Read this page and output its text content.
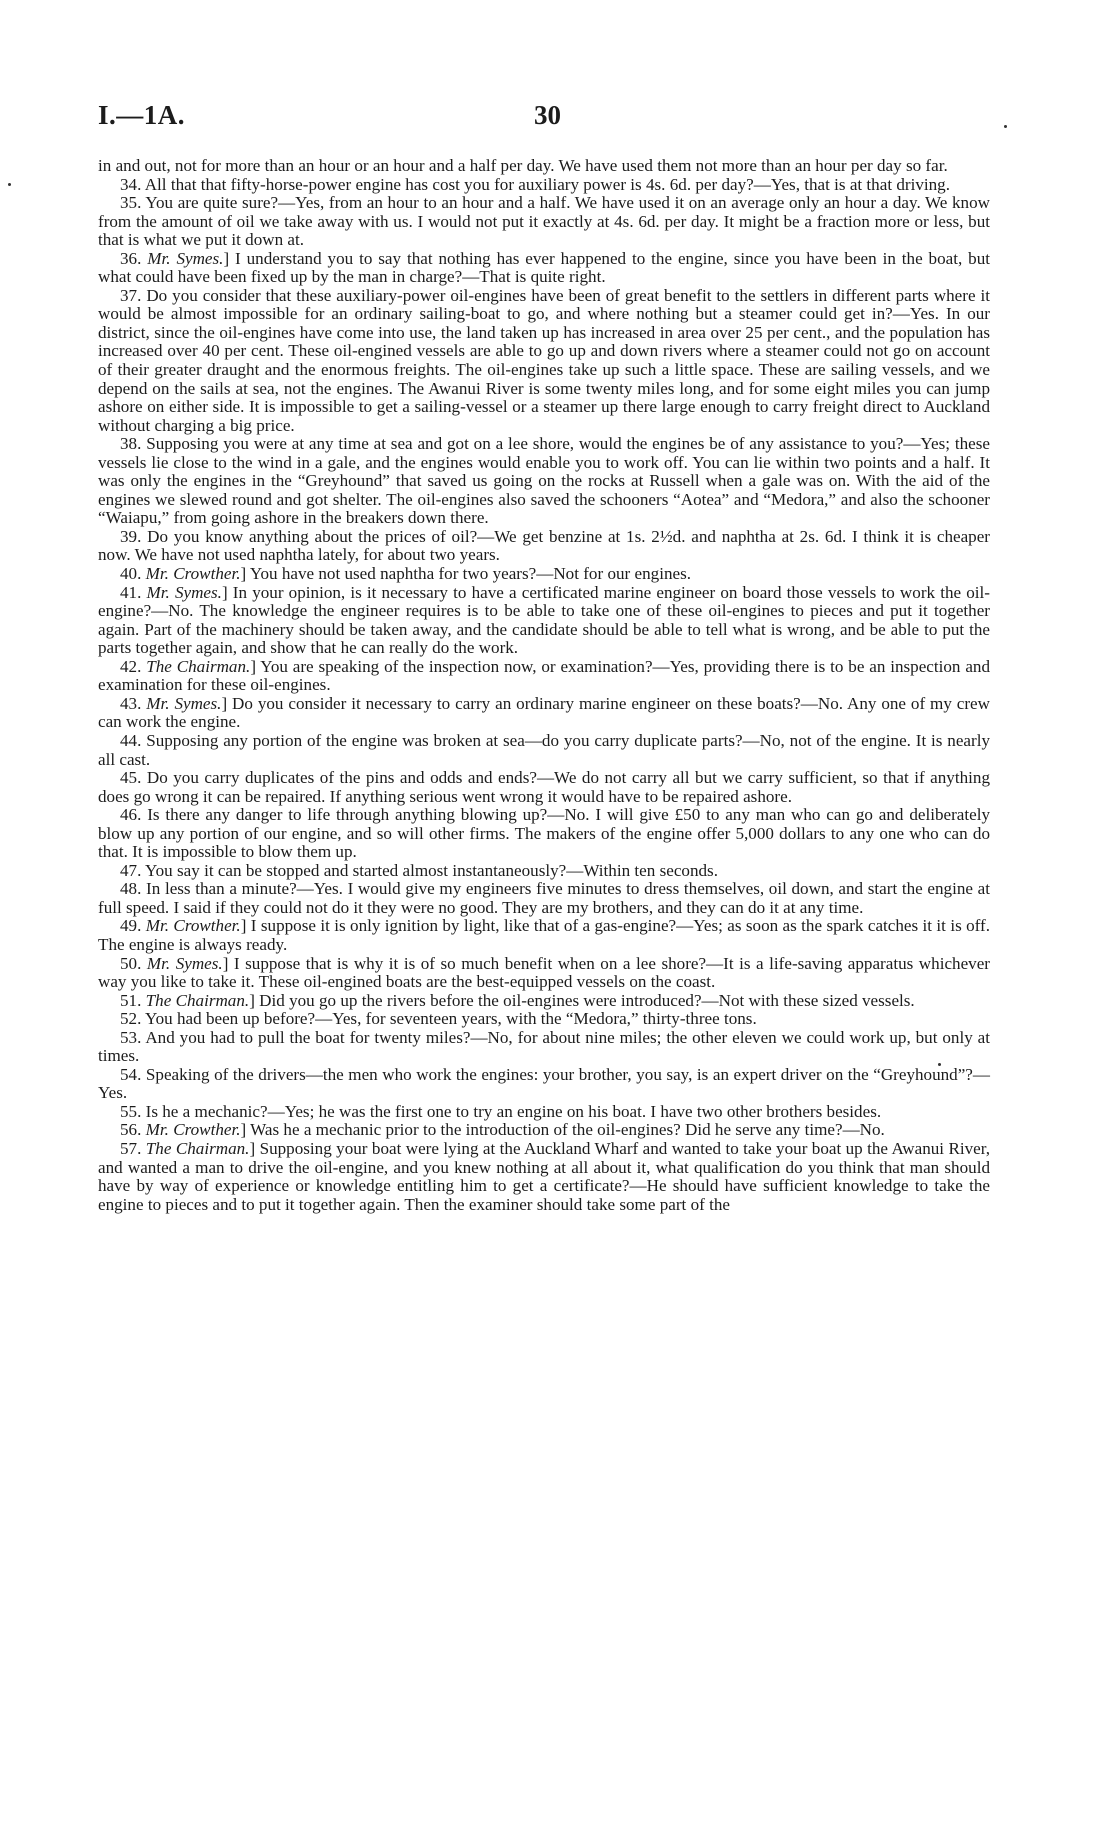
I.—1A.	30

in and out, not for more than an hour or an hour and a half per day. We have used them not more than an hour per day so far.

34. All that that fifty-horse-power engine has cost you for auxiliary power is 4s. 6d. per day?—Yes, that is at that driving.

35. You are quite sure?—Yes, from an hour to an hour and a half. We have used it on an average only an hour a day. We know from the amount of oil we take away with us. I would not put it exactly at 4s. 6d. per day. It might be a fraction more or less, but that is what we put it down at.

36. Mr. Symes.] I understand you to say that nothing has ever happened to the engine, since you have been in the boat, but what could have been fixed up by the man in charge?—That is quite right.

37. Do you consider that these auxiliary-power oil-engines have been of great benefit to the settlers in different parts where it would be almost impossible for an ordinary sailing-boat to go, and where nothing but a steamer could get in?—Yes. In our district, since the oil-engines have come into use, the land taken up has increased in area over 25 per cent., and the population has increased over 40 per cent. These oil-engined vessels are able to go up and down rivers where a steamer could not go on account of their greater draught and the enormous freights. The oil-engines take up such a little space. These are sailing vessels, and we depend on the sails at sea, not the engines. The Awanui River is some twenty miles long, and for some eight miles you can jump ashore on either side. It is impossible to get a sailing-vessel or a steamer up there large enough to carry freight direct to Auckland without charging a big price.

38. Supposing you were at any time at sea and got on a lee shore, would the engines be of any assistance to you?—Yes; these vessels lie close to the wind in a gale, and the engines would enable you to work off. You can lie within two points and a half. It was only the engines in the “Greyhound” that saved us going on the rocks at Russell when a gale was on. With the aid of the engines we slewed round and got shelter. The oil-engines also saved the schooners “Aotea” and “Medora,” and also the schooner “Waiapu,” from going ashore in the breakers down there.

39. Do you know anything about the prices of oil?—We get benzine at 1s. 2½d. and naphtha at 2s. 6d. I think it is cheaper now. We have not used naphtha lately, for about two years.

40. Mr. Crowther.] You have not used naphtha for two years?—Not for our engines.

41. Mr. Symes.] In your opinion, is it necessary to have a certificated marine engineer on board those vessels to work the oil-engine?—No. The knowledge the engineer requires is to be able to take one of these oil-engines to pieces and put it together again. Part of the machinery should be taken away, and the candidate should be able to tell what is wrong, and be able to put the parts together again, and show that he can really do the work.

42. The Chairman.] You are speaking of the inspection now, or examination?—Yes, providing there is to be an inspection and examination for these oil-engines.

43. Mr. Symes.] Do you consider it necessary to carry an ordinary marine engineer on these boats?—No. Any one of my crew can work the engine.

44. Supposing any portion of the engine was broken at sea—do you carry duplicate parts?—No, not of the engine. It is nearly all cast.

45. Do you carry duplicates of the pins and odds and ends?—We do not carry all but we carry sufficient, so that if anything does go wrong it can be repaired. If anything serious went wrong it would have to be repaired ashore.

46. Is there any danger to life through anything blowing up?—No. I will give £50 to any man who can go and deliberately blow up any portion of our engine, and so will other firms. The makers of the engine offer 5,000 dollars to any one who can do that. It is impossible to blow them up.

47. You say it can be stopped and started almost instantaneously?—Within ten seconds.

48. In less than a minute?—Yes. I would give my engineers five minutes to dress themselves, oil down, and start the engine at full speed. I said if they could not do it they were no good. They are my brothers, and they can do it at any time.

49. Mr. Crowther.] I suppose it is only ignition by light, like that of a gas-engine?—Yes; as soon as the spark catches it it is off. The engine is always ready.

50. Mr. Symes.] I suppose that is why it is of so much benefit when on a lee shore?—It is a life-saving apparatus whichever way you like to take it. These oil-engined boats are the best-equipped vessels on the coast.

51. The Chairman.] Did you go up the rivers before the oil-engines were introduced?—Not with these sized vessels.

52. You had been up before?—Yes, for seventeen years, with the “Medora,” thirty-three tons.

53. And you had to pull the boat for twenty miles?—No, for about nine miles; the other eleven we could work up, but only at times.

54. Speaking of the drivers—the men who work the engines: your brother, you say, is an expert driver on the “Greyhound”?—Yes.

55. Is he a mechanic?—Yes; he was the first one to try an engine on his boat. I have two other brothers besides.

56. Mr. Crowther.] Was he a mechanic prior to the introduction of the oil-engines? Did he serve any time?—No.

57. The Chairman.] Supposing your boat were lying at the Auckland Wharf and wanted to take your boat up the Awanui River, and wanted a man to drive the oil-engine, and you knew nothing at all about it, what qualification do you think that man should have by way of experience or knowledge entitling him to get a certificate?—He should have sufficient knowledge to take the engine to pieces and to put it together again. Then the examiner should take some part of the
